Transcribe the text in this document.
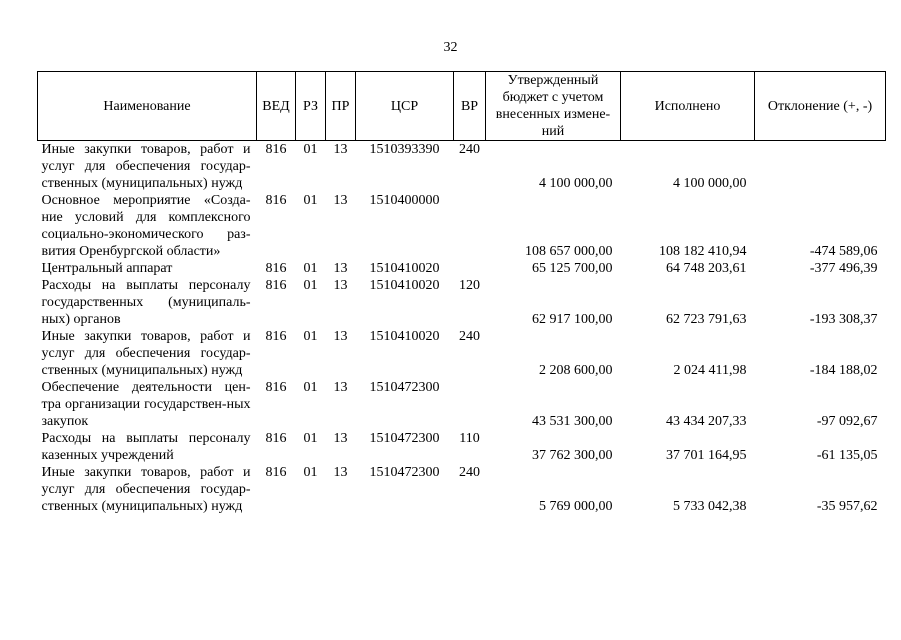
32
Наименование	ВЕД	РЗ	ПР	ЦСР	ВР	Утвержденный бюджет с учетом внесенных измене-ний	Исполнено	Отклонение (+, -)
Иные закупки товаров, работ и услуг для обеспечения государ-ственных (муниципальных) нужд	816	01	13	1510393390	240	4 100 000,00	4 100 000,00	
Основное мероприятие «Созда-ние условий для комплексного социально-экономического раз-вития Оренбургской области»	816	01	13	1510400000		108 657 000,00	108 182 410,94	-474 589,06
Центральный аппарат	816	01	13	1510410020		65 125 700,00	64 748 203,61	-377 496,39
Расходы на выплаты персоналу государственных (муниципаль-ных) органов	816	01	13	1510410020	120	62 917 100,00	62 723 791,63	-193 308,37
Иные закупки товаров, работ и услуг для обеспечения государ-ственных (муниципальных) нужд	816	01	13	1510410020	240	2 208 600,00	2 024 411,98	-184 188,02
Обеспечение деятельности цен-тра организации государствен-ных закупок	816	01	13	1510472300		43 531 300,00	43 434 207,33	-97 092,67
Расходы на выплаты персоналу казенных учреждений	816	01	13	1510472300	110	37 762 300,00	37 701 164,95	-61 135,05
Иные закупки товаров, работ и услуг для обеспечения государ-ственных (муниципальных) нужд	816	01	13	1510472300	240	5 769 000,00	5 733 042,38	-35 957,62
